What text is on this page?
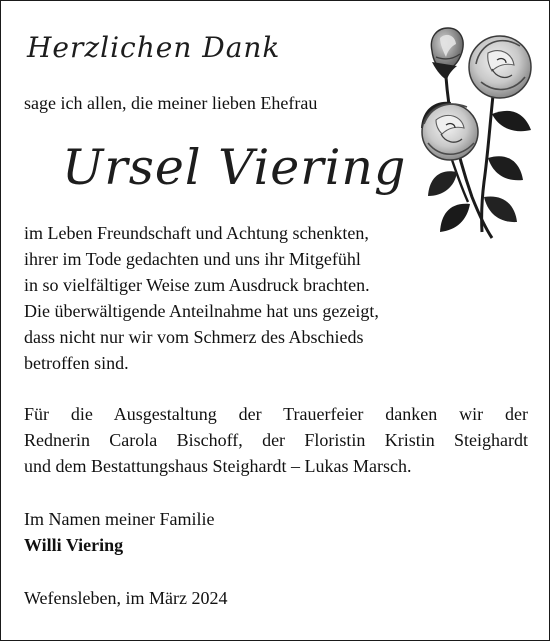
Herzlichen Dank
sage ich allen, die meiner lieben Ehefrau
Ursel Viering
im Leben Freundschaft und Achtung schenkten,
ihrer im Tode gedachten und uns ihr Mitgefühl
in so vielfältiger Weise zum Ausdruck brachten.
Die überwältigende Anteilnahme hat uns gezeigt,
dass nicht nur wir vom Schmerz des Abschieds
betroffen sind.
Für die Ausgestaltung der Trauerfeier danken wir der
Rednerin Carola Bischoff, der Floristin Kristin Steighardt
und dem Bestattungshaus Steighardt – Lukas Marsch.
Im Namen meiner Familie
Willi Viering
Wefensleben, im März 2024
